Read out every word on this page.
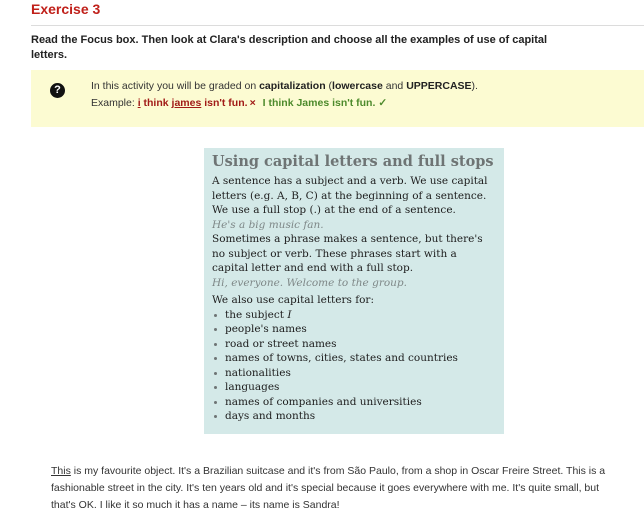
Exercise 3
Read the Focus box. Then look at Clara's description and choose all the examples of use of capital letters.
?	In this activity you will be graded on capitalization (lowercase and UPPERCASE).
Example: i think james isn't fun. × I think James isn't fun. ✓
Using capital letters and full stops

A sentence has a subject and a verb. We use capital letters (e.g. A, B, C) at the beginning of a sentence.

We use a full stop (.) at the end of a sentence.

He's a big music fan.

Sometimes a phrase makes a sentence, but there's no subject or verb. These phrases start with a capital letter and end with a full stop.

Hi, everyone. Welcome to the group.

We also use capital letters for:

the subject I
people's names
road or street names
names of towns, cities, states and countries
nationalities
languages
names of companies and universities
days and months
This is my favourite object. It's a Brazilian suitcase and it's from São Paulo, from a shop in Oscar Freire Street. This is a fashionable street in the city. It's ten years old and it's special because it goes everywhere with me. It's quite small, but that's OK. I like it so much it has a name – its name is Sandra!
